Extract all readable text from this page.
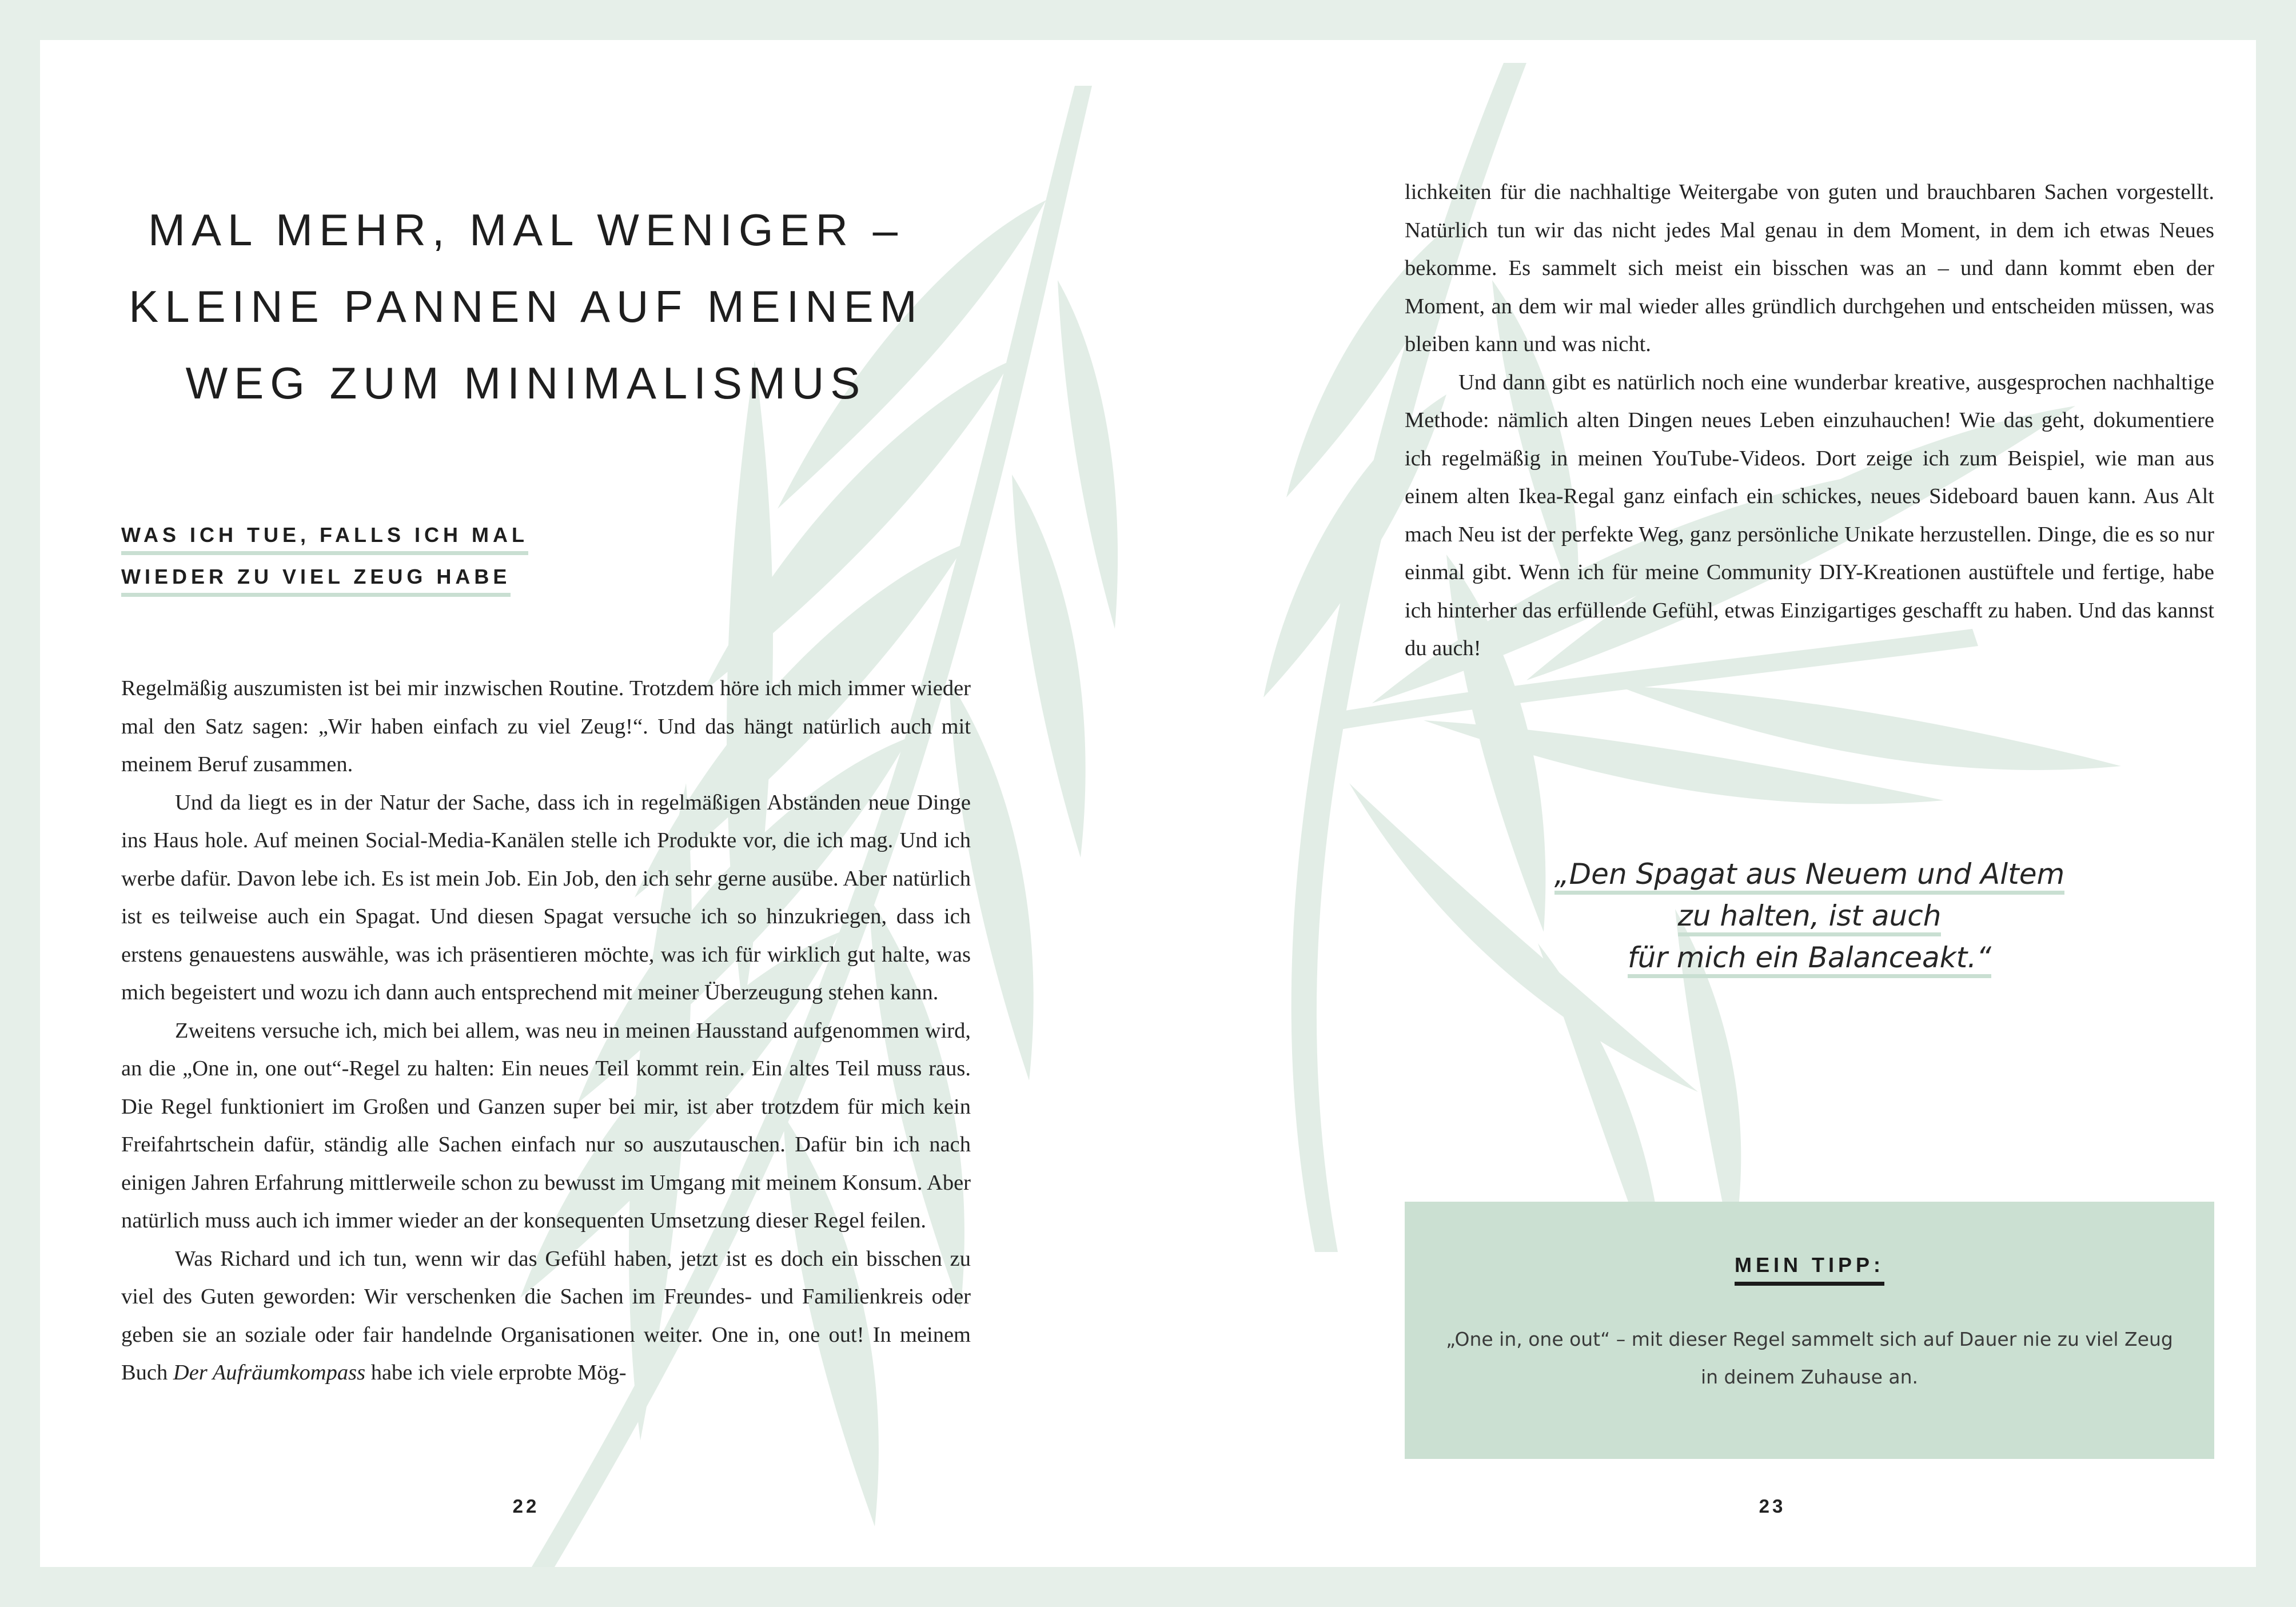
MAL MEHR, MAL WENIGER –
KLEINE PANNEN AUF MEINEM
WEG ZUM MINIMALISMUS
WAS ICH TUE, FALLS ICH MAL
WIEDER ZU VIEL ZEUG HABE

Regelmäßig auszumisten ist bei mir inzwischen Routine. Trotzdem höre ich mich immer wieder mal den Satz sagen: „Wir haben einfach zu viel Zeug!“. Und das hängt natürlich auch mit meinem Beruf zusammen.

Und da liegt es in der Natur der Sache, dass ich in regelmäßigen Abständen neue Dinge ins Haus hole. Auf meinen Social-Media-Kanälen stelle ich Produkte vor, die ich mag. Und ich werbe dafür. Davon lebe ich. Es ist mein Job. Ein Job, den ich sehr gerne ausübe. Aber natürlich ist es teilweise auch ein Spagat. Und diesen Spagat versuche ich so hinzukriegen, dass ich erstens genauestens auswähle, was ich präsentieren möchte, was ich für wirklich gut halte, was mich begeistert und wozu ich dann auch entsprechend mit meiner Überzeugung stehen kann.

Zweitens versuche ich, mich bei allem, was neu in meinen Hausstand aufgenommen wird, an die „One in, one out“-Regel zu halten: Ein neues Teil kommt rein. Ein altes Teil muss raus. Die Regel funktioniert im Großen und Ganzen super bei mir, ist aber trotzdem für mich kein Freifahrtschein dafür, ständig alle Sachen einfach nur so auszutauschen. Dafür bin ich nach einigen Jahren Erfahrung mittlerweile schon zu bewusst im Umgang mit meinem Konsum. Aber natürlich muss auch ich immer wieder an der konsequenten Umsetzung dieser Regel feilen.

Was Richard und ich tun, wenn wir das Gefühl haben, jetzt ist es doch ein bisschen zu viel des Guten geworden: Wir verschenken die Sachen im Freundes- und Familienkreis oder geben sie an soziale oder fair handelnde Organisationen weiter. One in, one out! In meinem Buch Der Aufräumkompass habe ich viele erprobte Mög-

22

lichkeiten für die nachhaltige Weitergabe von guten und brauchbaren Sachen vorgestellt. Natürlich tun wir das nicht jedes Mal genau in dem Moment, in dem ich etwas Neues bekomme. Es sammelt sich meist ein bisschen was an – und dann kommt eben der Moment, an dem wir mal wieder alles gründlich durchgehen und entscheiden müssen, was bleiben kann und was nicht.

Und dann gibt es natürlich noch eine wunderbar kreative, ausgesprochen nachhaltige Methode: nämlich alten Dingen neues Leben einzuhauchen! Wie das geht, dokumentiere ich regelmäßig in meinen YouTube-Videos. Dort zeige ich zum Beispiel, wie man aus einem alten Ikea-Regal ganz einfach ein schickes, neues Sideboard bauen kann. Aus Alt mach Neu ist der perfekte Weg, ganz persönliche Unikate herzustellen. Dinge, die es so nur einmal gibt. Wenn ich für meine Community DIY-Kreationen austüftele und fertige, habe ich hinterher das erfüllende Gefühl, etwas Einzigartiges geschafft zu haben. Und das kannst du auch!

„Den Spagat aus Neuem und Altem
zu halten, ist auch
für mich ein Balanceakt.“
MEIN TIPP:

„One in, one out“ – mit dieser Regel sammelt sich auf Dauer nie zu viel Zeug in deinem Zuhause an.

23
